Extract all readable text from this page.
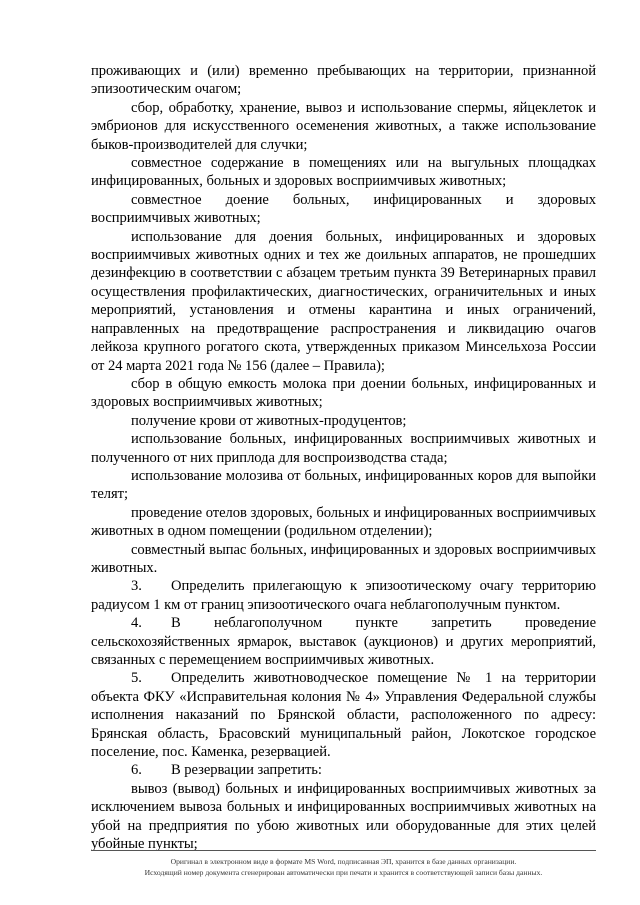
проживающих и (или) временно пребывающих на территории, признанной эпизоотическим очагом;

сбор, обработку, хранение, вывоз и использование спермы, яйцеклеток и эмбрионов для искусственного осеменения животных, а также использование быков-производителей для случки;

совместное содержание в помещениях или на выгульных площадках инфицированных, больных и здоровых восприимчивых животных;

совместное доение больных, инфицированных и здоровых восприимчивых животных;

использование для доения больных, инфицированных и здоровых восприимчивых животных одних и тех же доильных аппаратов, не прошедших дезинфекцию в соответствии с абзацем третьим пункта 39 Ветеринарных правил осуществления профилактических, диагностических, ограничительных и иных мероприятий, установления и отмены карантина и иных ограничений, направленных на предотвращение распространения и ликвидацию очагов лейкоза крупного рогатого скота, утвержденных приказом Минсельхоза России от 24 марта 2021 года № 156 (далее – Правила);

сбор в общую емкость молока при доении больных, инфицированных и здоровых восприимчивых животных;

получение крови от животных-продуцентов;

использование больных, инфицированных восприимчивых животных и полученного от них приплода для воспроизводства стада;

использование молозива от больных, инфицированных коров для выпойки телят;

проведение отелов здоровых, больных и инфицированных восприимчивых животных в одном помещении (родильном отделении);

совместный выпас больных, инфицированных и здоровых восприимчивых животных.

3. Определить прилегающую к эпизоотическому очагу территорию радиусом 1 км от границ эпизоотического очага неблагополучным пунктом.

4. В неблагополучном пункте запретить проведение сельскохозяйственных ярмарок, выставок (аукционов) и других мероприятий, связанных с перемещением восприимчивых животных.

5. Определить животноводческое помещение № 1 на территории объекта ФКУ «Исправительная колония № 4» Управления Федеральной службы исполнения наказаний по Брянской области, расположенного по адресу: Брянская область, Брасовский муниципальный район, Локотское городское поселение, пос. Каменка, резервацией.

6. В резервации запретить:

вывоз (вывод) больных и инфицированных восприимчивых животных за исключением вывоза больных и инфицированных восприимчивых животных на убой на предприятия по убою животных или оборудованные для этих целей убойные пункты;

Оригинал в электронном виде в формате MS Word, подписанная ЭП, хранится в базе данных организации.

Исходящий номер документа сгенерирован автоматически при печати и хранится в соответствующей записи базы данных.
